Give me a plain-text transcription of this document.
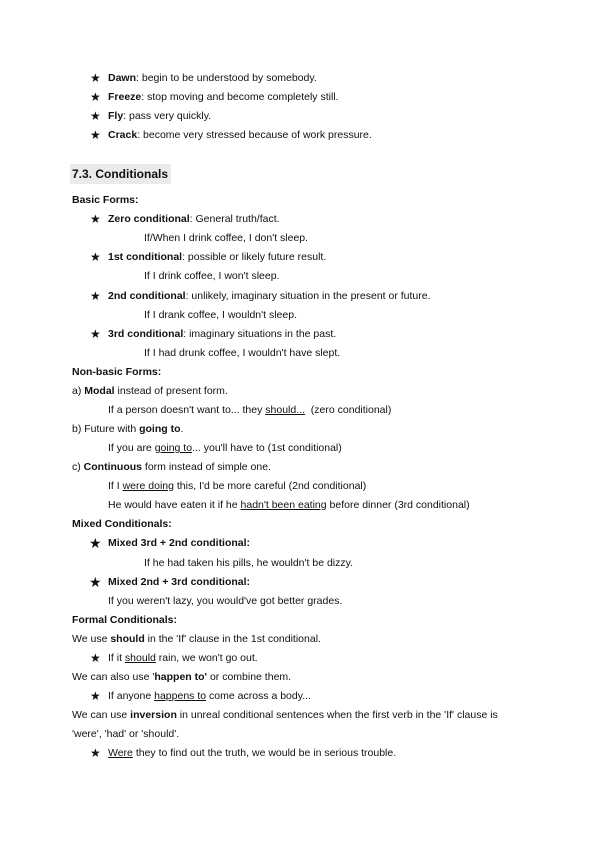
★ Dawn: begin to be understood by somebody.
★ Freeze: stop moving and become completely still.
★ Fly: pass very quickly.
★ Crack: become very stressed because of work pressure.
7.3. Conditionals
Basic Forms:
★ Zero conditional: General truth/fact.
If/When I drink coffee, I don't sleep.
★ 1st conditional: possible or likely future result.
If I drink coffee, I won't sleep.
★ 2nd conditional: unlikely, imaginary situation in the present or future.
If I drank coffee, I wouldn't sleep.
★ 3rd conditional: imaginary situations in the past.
If I had drunk coffee, I wouldn't have slept.
Non-basic Forms:
a) Modal instead of present form.
If a person doesn't want to... they should...  (zero conditional)
b) Future with going to.
If you are going to... you'll have to (1st conditional)
c) Continuous form instead of simple one.
If I were doing this, I'd be more careful (2nd conditional)
He would have eaten it if he hadn't been eating before dinner (3rd conditional)
Mixed Conditionals:
★ Mixed 3rd + 2nd conditional:
If he had taken his pills, he wouldn't be dizzy.
★ Mixed 2nd + 3rd conditional:
If you weren't lazy, you would've got better grades.
Formal Conditionals:
We use should in the 'If' clause in the 1st conditional.
★ If it should rain, we won't go out.
We can also use 'happen to' or combine them.
★ If anyone happens to come across a body...
We can use inversion in unreal conditional sentences when the first verb in the 'If' clause is
'were', 'had' or 'should'.
★ Were they to find out the truth, we would be in serious trouble.
